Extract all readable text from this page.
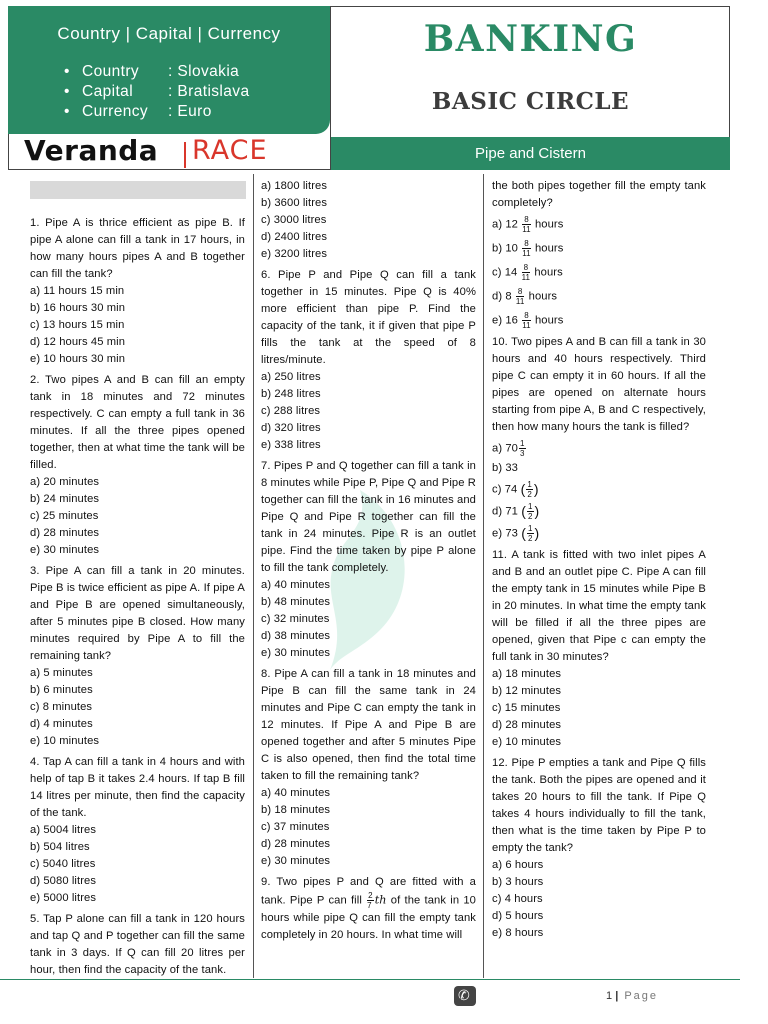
Country | Capital | Currency
• Country : Slovakia
• Capital : Bratislava
• Currency : Euro
Veranda RACE
BANKING
BASIC CIRCLE
Pipe and Cistern

1. Pipe A is thrice efficient as pipe B. If pipe A alone can fill a tank in 17 hours, in how many hours pipes A and B together can fill the tank?

a) 11 hours 15 min

b) 16 hours 30 min

c) 13 hours 15 min

d) 12 hours 45 min

e) 10 hours 30 min

2. Two pipes A and B can fill an empty tank in 18 minutes and 72 minutes respectively. C can empty a full tank in 36 minutes. If all the three pipes opened together, then at what time the tank will be filled.

a) 20 minutes

b) 24 minutes

c) 25 minutes

d) 28 minutes

e) 30 minutes

3. Pipe A can fill a tank in 20 minutes. Pipe B is twice efficient as pipe A. If pipe A and Pipe B are opened simultaneously, after 5 minutes pipe B closed. How many minutes required by Pipe A to fill the remaining tank?

a) 5 minutes

b) 6 minutes

c) 8 minutes

d) 4 minutes

e) 10 minutes

4. Tap A can fill a tank in 4 hours and with help of tap B it takes 2.4 hours. If tap B fill 14 litres per minute, then find the capacity of the tank.

a) 5004 litres

b) 504 litres

c) 5040 litres

d) 5080 litres

e) 5000 litres

5. Tap P alone can fill a tank in 120 hours and tap Q and P together can fill the same tank in 3 days. If Q can fill 20 litres per hour, then find the capacity of the tank.

a) 1800 litres

b) 3600 litres

c) 3000 litres

d) 2400 litres

e) 3200 litres

6. Pipe P and Pipe Q can fill a tank together in 15 minutes. Pipe Q is 40% more efficient than pipe P. Find the capacity of the tank, it if given that pipe P fills the tank at the speed of 8 litres/minute.

a) 250 litres

b) 248 litres

c) 288 litres

d) 320 litres

e) 338 litres

7. Pipes P and Q together can fill a tank in 8 minutes while Pipe P, Pipe Q and Pipe R together can fill the tank in 16 minutes and Pipe Q and Pipe R together can fill the tank in 24 minutes. Pipe R is an outlet pipe. Find the time taken by pipe P alone to fill the tank completely.

a) 40 minutes

b) 48 minutes

c) 32 minutes

d) 38 minutes

e) 30 minutes

8. Pipe A can fill a tank in 18 minutes and Pipe B can fill the same tank in 24 minutes and Pipe C can empty the tank in 12 minutes. If Pipe A and Pipe B are opened together and after 5 minutes Pipe C is also opened, then find the total time taken to fill the remaining tank?

a) 40 minutes

b) 18 minutes

c) 37 minutes

d) 28 minutes

e) 30 minutes

9. Two pipes P and Q are fitted with a tank. Pipe P can fill $\frac{2}{7}$ th of the tank in 10 hours while pipe Q can fill the empty tank completely in 20 hours. In what time will

the both pipes together fill the empty tank completely?

a) $12 \frac{8}{11}$ hours

b) $10 \frac{8}{11}$ hours

c) $14 \frac{8}{11}$ hours

d) $8 \frac{8}{11}$ hours

e) $16 \frac{8}{11}$ hours

10. Two pipes A and B can fill a tank in 30 hours and 40 hours respectively. Third pipe C can empty it in 60 hours. If all the pipes are opened on alternate hours starting from pipe A, B and C respectively, then how many hours the tank is filled?

a) $70 \frac{1}{3}$

b) 33

c) 74 ( $\frac{1}{2}$ )

d) 71 ( $\frac{1}{2}$ )

e) 73 ( $\frac{1}{2}$ )

11. A tank is fitted with two inlet pipes A and B and an outlet pipe C. Pipe A can fill the empty tank in 15 minutes while Pipe B in 20 minutes. In what time the empty tank will be filled if all the three pipes are opened, given that Pipe c can empty the full tank in 30 minutes?

a) 18 minutes

b) 12 minutes

c) 15 minutes

d) 28 minutes

e) 10 minutes

12. Pipe P empties a tank and Pipe Q fills the tank. Both the pipes are opened and it takes 20 hours to fill the tank. If Pipe Q takes 4 hours individually to fill the tank, then what is the time taken by Pipe P to empty the tank?

a) 6 hours

b) 3 hours

c) 4 hours

d) 5 hours

e) 8 hours

✆
1 | Page
